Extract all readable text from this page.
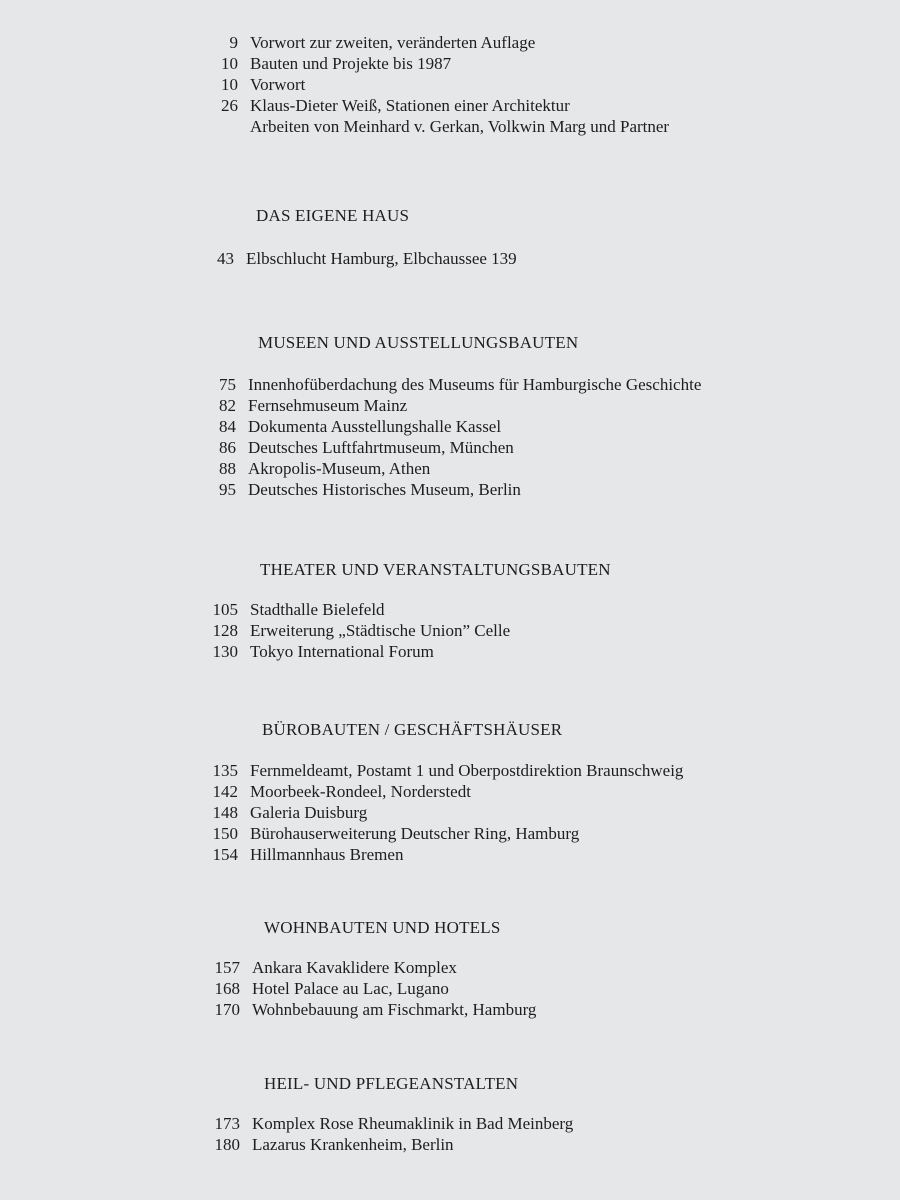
9 Vorwort zur zweiten, veränderten Auflage
10 Bauten und Projekte bis 1987
10 Vorwort
26 Klaus-Dieter Weiß, Stationen einer Architektur
Arbeiten von Meinhard v. Gerkan, Volkwin Marg und Partner
DAS EIGENE HAUS
43 Elbschlucht Hamburg, Elbchaussee 139
MUSEEN UND AUSSTELLUNGSBAUTEN
75 Innenhofüberdachung des Museums für Hamburgische Geschichte
82 Fernsehmuseum Mainz
84 Dokumenta Ausstellungshalle Kassel
86 Deutsches Luftfahrtmuseum, München
88 Akropolis-Museum, Athen
95 Deutsches Historisches Museum, Berlin
THEATER UND VERANSTALTUNGSBAUTEN
105 Stadthalle Bielefeld
128 Erweiterung „Städtische Union” Celle
130 Tokyo International Forum
BÜROBAUTEN / GESCHÄFTSHÄUSER
135 Fernmeldeamt, Postamt 1 und Oberpostdirektion Braunschweig
142 Moorbeek-Rondeel, Norderstedt
148 Galeria Duisburg
150 Bürohauserweiterung Deutscher Ring, Hamburg
154 Hillmannhaus Bremen
WOHNBAUTEN UND HOTELS
157 Ankara Kavaklidere Komplex
168 Hotel Palace au Lac, Lugano
170 Wohnbebauung am Fischmarkt, Hamburg
HEIL- UND PFLEGEANSTALTEN
173 Komplex Rose Rheumaklinik in Bad Meinberg
180 Lazarus Krankenheim, Berlin
